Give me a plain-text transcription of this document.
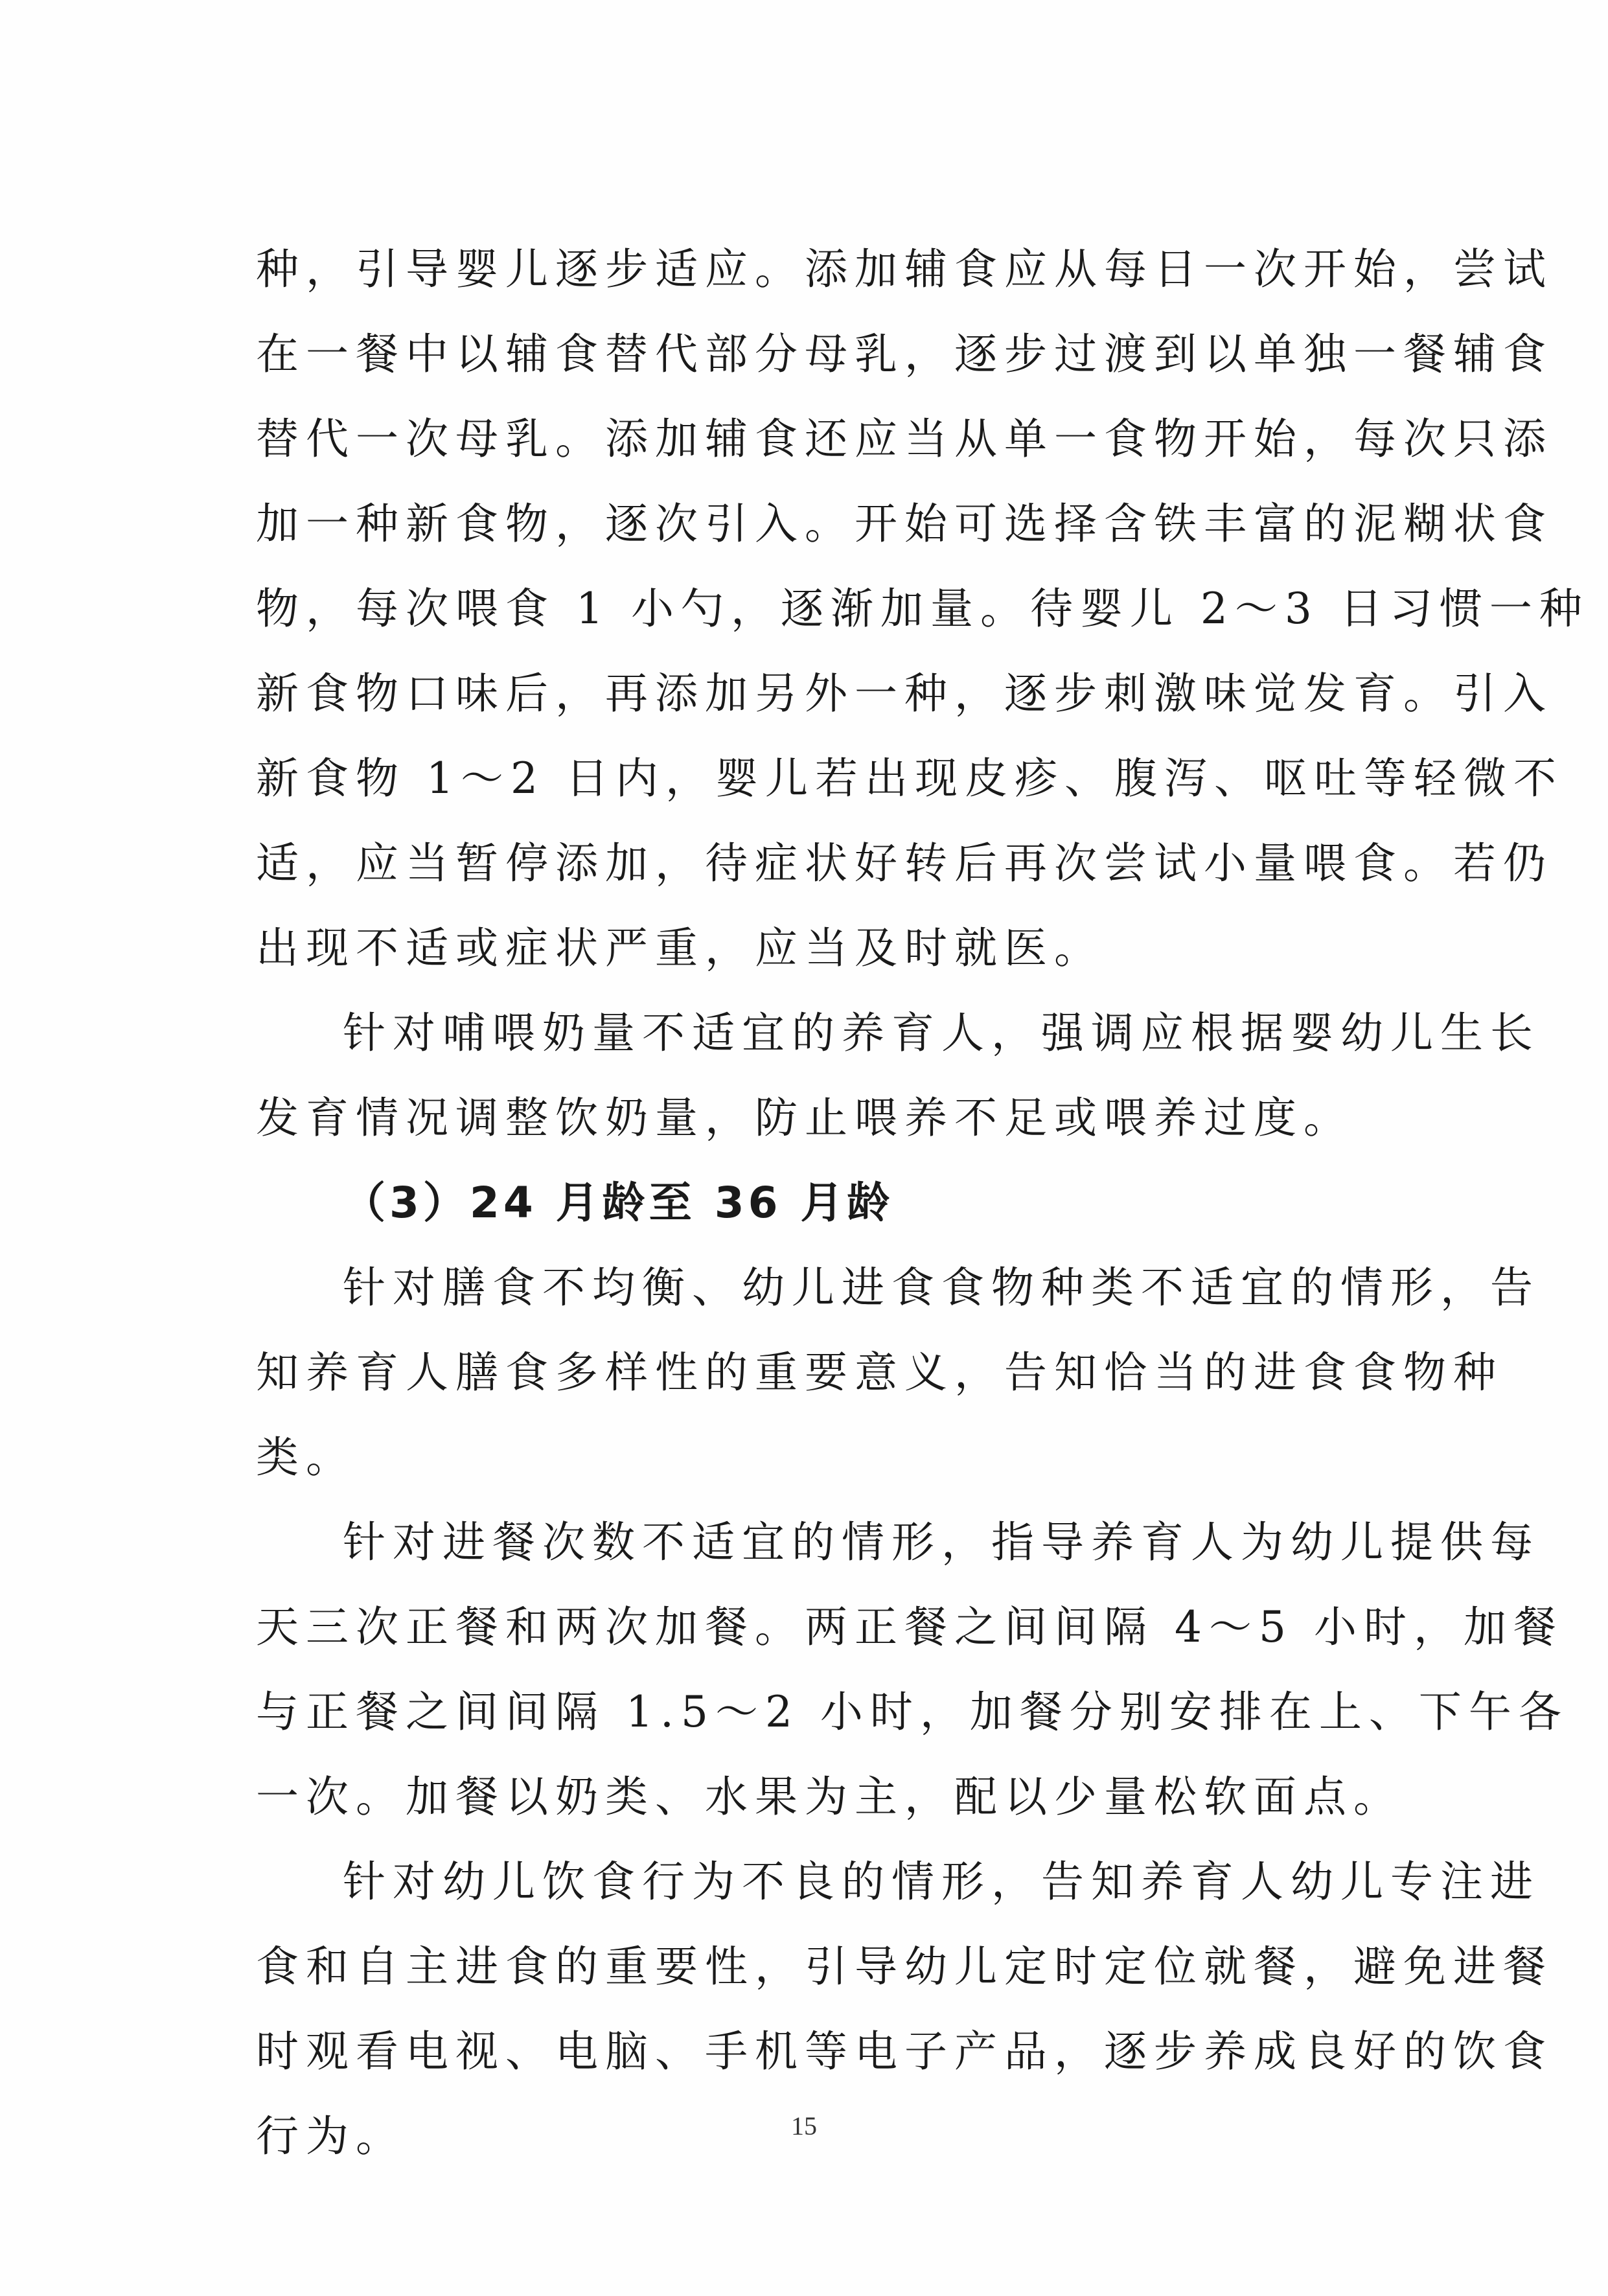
种，引导婴儿逐步适应。添加辅食应从每日一次开始，尝试
在一餐中以辅食替代部分母乳，逐步过渡到以单独一餐辅食
替代一次母乳。添加辅食还应当从单一食物开始，每次只添
加一种新食物，逐次引入。开始可选择含铁丰富的泥糊状食
物，每次喂食 1 小勺，逐渐加量。待婴儿 2～3 日习惯一种
新食物口味后，再添加另外一种，逐步刺激味觉发育。引入
新食物 1～2 日内，婴儿若出现皮疹、腹泻、呕吐等轻微不
适，应当暂停添加，待症状好转后再次尝试小量喂食。若仍
出现不适或症状严重，应当及时就医。
针对哺喂奶量不适宜的养育人，强调应根据婴幼儿生长
发育情况调整饮奶量，防止喂养不足或喂养过度。
（3）24 月龄至 36 月龄
针对膳食不均衡、幼儿进食食物种类不适宜的情形，告
知养育人膳食多样性的重要意义，告知恰当的进食食物种
类。
针对进餐次数不适宜的情形，指导养育人为幼儿提供每
天三次正餐和两次加餐。两正餐之间间隔 4～5 小时，加餐
与正餐之间间隔 1.5～2 小时，加餐分别安排在上、下午各
一次。加餐以奶类、水果为主，配以少量松软面点。
针对幼儿饮食行为不良的情形，告知养育人幼儿专注进
食和自主进食的重要性，引导幼儿定时定位就餐，避免进餐
时观看电视、电脑、手机等电子产品，逐步养成良好的饮食
行为。	15
